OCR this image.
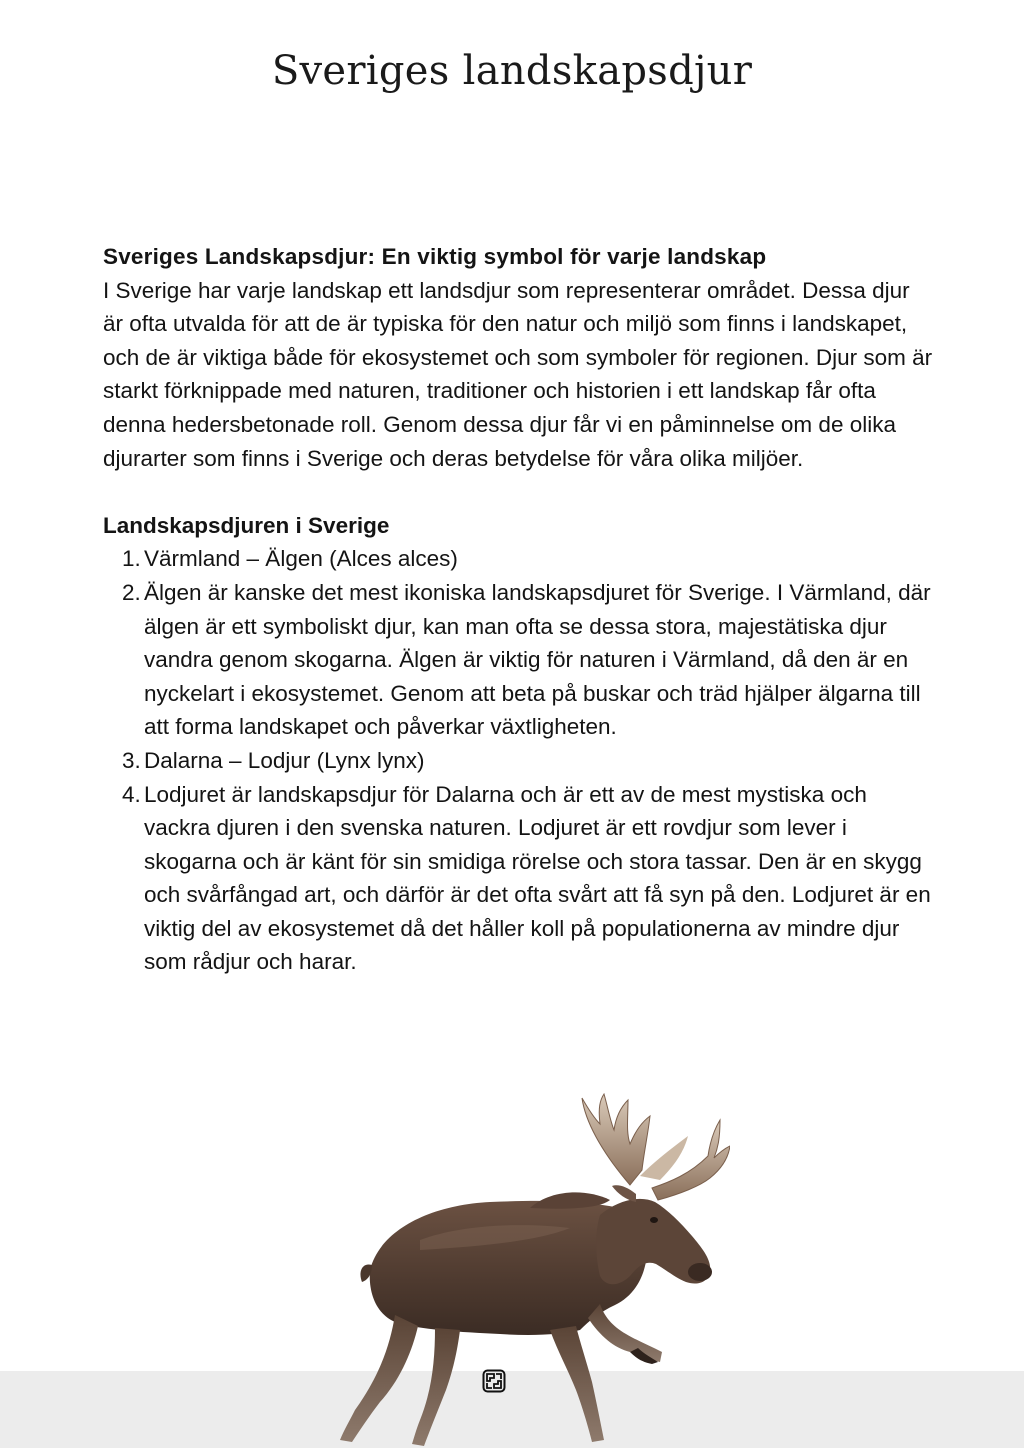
Sveriges landskapsdjur

Sveriges Landskapsdjur: En viktig symbol för varje landskap

I Sverige har varje landskap ett landsdjur som representerar området. Dessa djur är ofta utvalda för att de är typiska för den natur och miljö som finns i landskapet, och de är viktiga både för ekosystemet och som symboler för regionen. Djur som är starkt förknippade med naturen, traditioner och historien i ett landskap får ofta denna hedersbetonade roll. Genom dessa djur får vi en påminnelse om de olika djurarter som finns i Sverige och deras betydelse för våra olika miljöer.

Landskapsdjuren i Sverige

1. Värmland – Älgen (Alces alces)
2. Älgen är kanske det mest ikoniska landskapsdjuret för Sverige. I Värmland, där älgen är ett symboliskt djur, kan man ofta se dessa stora, majestätiska djur vandra genom skogarna. Älgen är viktig för naturen i Värmland, då den är en nyckelart i ekosystemet. Genom att beta på buskar och träd hjälper älgarna till att forma landskapet och påverkar växtligheten.
3. Dalarna – Lodjur (Lynx lynx)
4. Lodjuret är landskapsdjur för Dalarna och är ett av de mest mystiska och vackra djuren i den svenska naturen. Lodjuret är ett rovdjur som lever i skogarna och är känt för sin smidiga rörelse och stora tassar. Den är en skygg och svårfångad art, och därför är det ofta svårt att få syn på den. Lodjuret är en viktig del av ekosystemet då det håller koll på populationerna av mindre djur som rådjur och harar.
